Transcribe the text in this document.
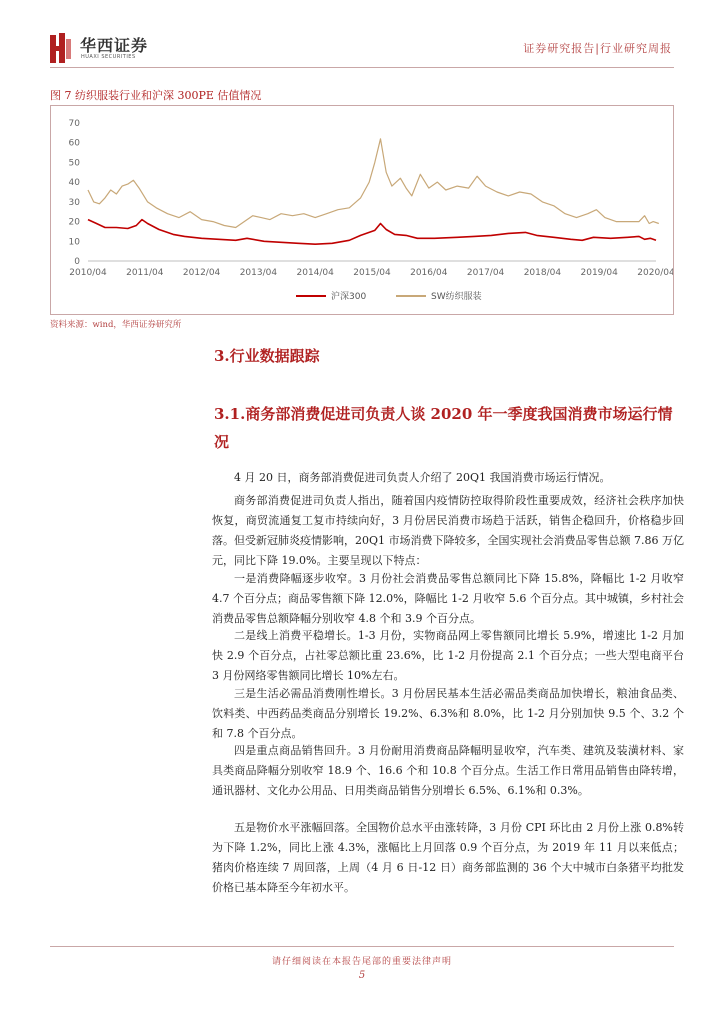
华西证券
HUAXI SECURITIES
证券研究报告|行业研究周报
图 7 纺织服装行业和沪深 300PE 估值情况
0
10
20
30
40
50
60
70
2010/04 2011/04 2012/04 2013/04 2014/04 2015/04 2016/04 2017/04 2018/04 2019/04 2020/04
沪深300	SW纺织服装
资料来源：wind，华西证券研究所
3.行业数据跟踪
3.1.商务部消费促进司负责人谈 2020 年一季度我国消费市场运行情况

4 月 20 日，商务部消费促进司负责人介绍了 20Q1 我国消费市场运行情况。

商务部消费促进司负责人指出，随着国内疫情防控取得阶段性重要成效，经济社会秩序加快恢复，商贸流通复工复市持续向好，3 月份居民消费市场趋于活跃，销售企稳回升，价格稳步回落。但受新冠肺炎疫情影响，20Q1 市场消费下降较多，全国实现社会消费品零售总额 7.86 万亿元，同比下降 19.0%。主要呈现以下特点：

一是消费降幅逐步收窄。3 月份社会消费品零售总额同比下降 15.8%，降幅比 1-2 月收窄 4.7 个百分点；商品零售额下降 12.0%，降幅比 1-2 月收窄 5.6 个百分点。其中城镇，乡村社会消费品零售总额降幅分别收窄 4.8 个和 3.9 个百分点。

二是线上消费平稳增长。1-3 月份，实物商品网上零售额同比增长 5.9%，增速比 1-2 月加快 2.9 个百分点，占社零总额比重 23.6%，比 1-2 月份提高 2.1 个百分点；一些大型电商平台 3 月份网络零售额同比增长 10%左右。

三是生活必需品消费刚性增长。3 月份居民基本生活必需品类商品加快增长，粮油食品类、饮料类、中西药品类商品分别增长 19.2%、6.3%和 8.0%，比 1-2 月分别加快 9.5 个、3.2 个和 7.8 个百分点。

四是重点商品销售回升。3 月份耐用消费商品降幅明显收窄，汽车类、建筑及装潢材料、家具类商品降幅分别收窄 18.9 个、16.6 个和 10.8 个百分点。生活工作日常用品销售由降转增，通讯器材、文化办公用品、日用类商品销售分别增长 6.5%、6.1%和 0.3%。

五是物价水平涨幅回落。全国物价总水平由涨转降，3 月份 CPI 环比由 2 月份上涨 0.8%转为下降 1.2%，同比上涨 4.3%，涨幅比上月回落 0.9 个百分点，为 2019 年 11 月以来低点；猪肉价格连续 7 周回落，上周（4 月 6 日-12 日）商务部监测的 36 个大中城市白条猪平均批发价格已基本降至今年初水平。

请仔细阅读在本报告尾部的重要法律声明
5
